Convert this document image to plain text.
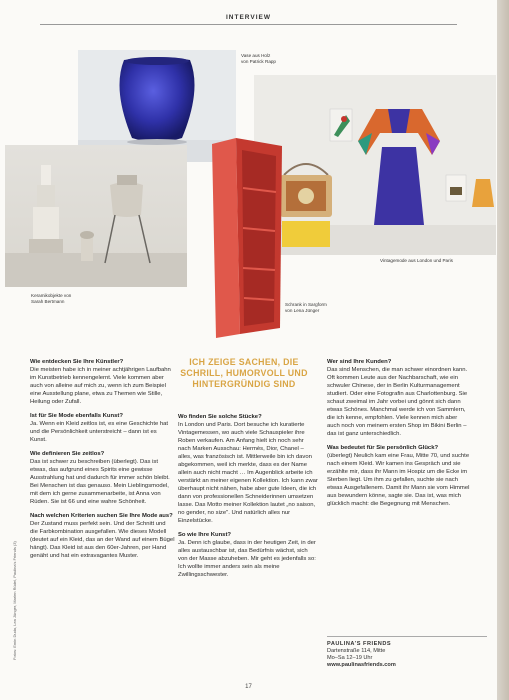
INTERVIEW
Vase aus Holz
von Patrick Rapp
Keramikobjekte von
Sarah Bertmann
Vintagemode aus London und Paris
Schrank in Sargform
von Lena Jünger
Fotos: Emin Duda, Lea Jünger, Marlen Rüdel, Paulina's Friends (3)

Wie entdecken Sie Ihre Künstler?

Die meisten habe ich in meiner achtjährigen Laufbahn im Kunstbetrieb kennengelernt. Viele kommen aber auch von alleine auf mich zu, wenn ich zum Beispiel eine Ausstellung plane, etwa zu Themen wie Stille, Heilung oder Zufall.

Ist für Sie Mode ebenfalls Kunst?

Ja. Wenn ein Kleid zeitlos ist, es eine Geschichte hat und die Persönlichkeit unterstreicht – dann ist es Kunst.

Wie definieren Sie zeitlos?

Das ist schwer zu beschreiben (überlegt). Das ist etwas, das aufgrund eines Spirits eine gewisse Ausstrahlung hat und dadurch für immer schön bleibt. Bei Menschen ist das genauso. Mein Lieblingsmodel, mit dem ich gerne zusammenarbeite, ist Anna von Rüden. Sie ist 66 und eine wahre Schönheit.

Nach welchen Kriterien suchen Sie Ihre Mode aus?

Der Zustand muss perfekt sein. Und der Schnitt und die Farbkombination ausgefallen. Wie dieses Modell (deutet auf ein Kleid, das an der Wand auf einem Bügel hängt). Das Kleid ist aus den 60er-Jahren, per Hand genäht und hat ein extravagantes Muster.

ICH ZEIGE SACHEN, DIE SCHRILL, HUMORVOLL UND HINTERGRÜNDIG SIND

Wo finden Sie solche Stücke?

In London und Paris. Dort besuche ich kuratierte Vintagemessen, wo auch viele Schauspieler ihre Roben verkaufen. Am Anfang hielt ich noch sehr nach Marken Ausschau: Hermès, Dior, Chanel – alles, was französisch ist. Mittlerweile bin ich davon abgekommen, weil ich merkte, dass es der Name allein auch nicht macht … Im Augenblick arbeite ich verstärkt an meiner eigenen Kollektion. Ich kann zwar überhaupt nicht nähen, habe aber gute Ideen, die ich dann von professionellen Schneiderinnen umsetzen lasse. Das Motto meiner Kollektion lautet „no saison, no gender, no size". Und natürlich alles nur Einzelstücke.

So wie Ihre Kunst?

Ja. Denn ich glaube, dass in der heutigen Zeit, in der alles austauschbar ist, das Bedürfnis wächst, sich von der Masse abzuheben. Mir geht es jedenfalls so: Ich wollte immer anders sein als meine Zwillingsschwester.

Wer sind Ihre Kunden?

Das sind Menschen, die man schwer einordnen kann. Oft kommen Leute aus der Nachbarschaft, wie ein schwuler Chinese, der in Berlin Kulturmanagement studiert. Oder eine Fotografin aus Charlottenburg. Sie schaut zweimal im Jahr vorbei und gönnt sich dann etwas Schönes. Manchmal werde ich von Sammlern, die ich kenne, empfohlen. Viele kennen mich aber auch noch von meinem ersten Shop im Bikini Berlin – das ist ganz unterschiedlich.

Was bedeutet für Sie persönlich Glück?

(überlegt) Neulich kam eine Frau, Mitte 70, und suchte nach einem Kleid. Wir kamen ins Gespräch und sie erzählte mir, dass ihr Mann im Hospiz um die Ecke im Sterben liegt. Um ihm zu gefallen, suchte sie nach etwas Ausgefallenem. Damit ihr Mann sie vom Himmel aus bewundern könne, sagte sie. Das ist, was mich glücklich macht: die Begegnung mit Menschen.

PAULINA'S FRIENDS
Dartenstraße 114, Mitte
Mo–Sa 12–19 Uhr
www.paulinasfriends.com
17
